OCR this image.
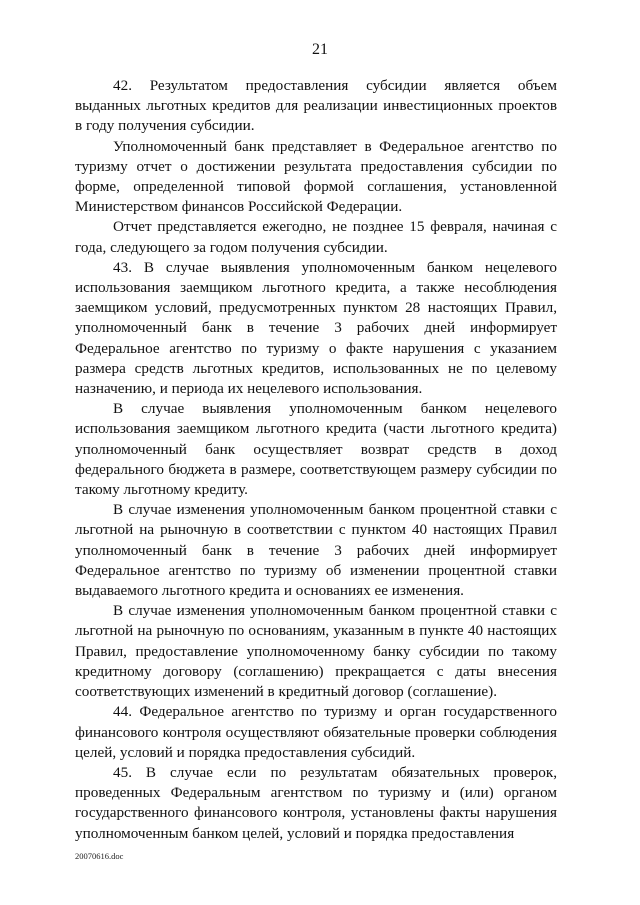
21

42. Результатом предоставления субсидии является объем выданных льготных кредитов для реализации инвестиционных проектов в году получения субсидии.

Уполномоченный банк представляет в Федеральное агентство по туризму отчет о достижении результата предоставления субсидии по форме, определенной типовой формой соглашения, установленной Министерством финансов Российской Федерации.

Отчет представляется ежегодно, не позднее 15 февраля, начиная с года, следующего за годом получения субсидии.

43. В случае выявления уполномоченным банком нецелевого использования заемщиком льготного кредита, а также несоблюдения заемщиком условий, предусмотренных пунктом 28 настоящих Правил, уполномоченный банк в течение 3 рабочих дней информирует Федеральное агентство по туризму о факте нарушения с указанием размера средств льготных кредитов, использованных не по целевому назначению, и периода их нецелевого использования.

В случае выявления уполномоченным банком нецелевого использования заемщиком льготного кредита (части льготного кредита) уполномоченный банк осуществляет возврат средств в доход федерального бюджета в размере, соответствующем размеру субсидии по такому льготному кредиту.

В случае изменения уполномоченным банком процентной ставки с льготной на рыночную в соответствии с пунктом 40 настоящих Правил уполномоченный банк в течение 3 рабочих дней информирует Федеральное агентство по туризму об изменении процентной ставки выдаваемого льготного кредита и основаниях ее изменения.

В случае изменения уполномоченным банком процентной ставки с льготной на рыночную по основаниям, указанным в пункте 40 настоящих Правил, предоставление уполномоченному банку субсидии по такому кредитному договору (соглашению) прекращается с даты внесения соответствующих изменений в кредитный договор (соглашение).

44. Федеральное агентство по туризму и орган государственного финансового контроля осуществляют обязательные проверки соблюдения целей, условий и порядка предоставления субсидий.

45. В случае если по результатам обязательных проверок, проведенных Федеральным агентством по туризму и (или) органом государственного финансового контроля, установлены факты нарушения уполномоченным банком целей, условий и порядка предоставления

20070616.doc
